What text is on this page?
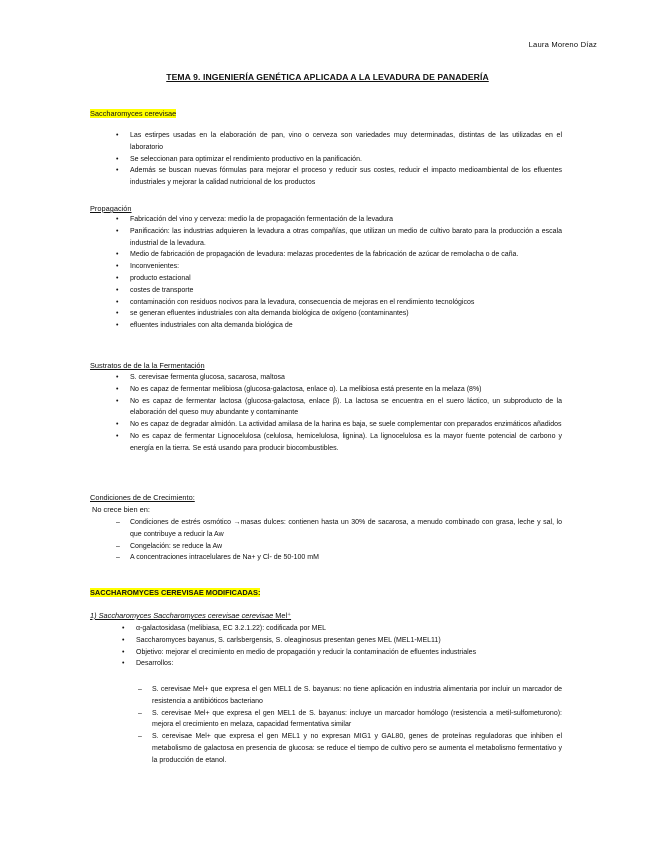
Laura Moreno Díaz
TEMA 9. INGENIERÍA GENÉTICA APLICADA A LA LEVADURA DE PANADERÍA
Saccharomyces cerevisae
• Las estirpes usadas en la elaboración de pan, vino o cerveza son variedades muy determinadas, distintas de las utilizadas en el laboratorio
• Se seleccionan para optimizar el rendimiento productivo en la panificación.
• Además se buscan nuevas fórmulas para mejorar el proceso y reducir sus costes, reducir el impacto medioambiental de los efluentes industriales y mejorar la calidad nutricional de los productos
Propagación
• Fabricación del vino y cerveza: medio la de propagación fermentación de la levadura
• Panificación: las industrias adquieren la levadura a otras compañías, que utilizan un medio de cultivo barato para la producción a escala industrial de la levadura.
• Medio de fabricación de propagación de levadura: melazas procedentes de la fabricación de azúcar de remolacha o de caña.
• Inconvenientes:
• producto estacional
• costes de transporte
• contaminación con residuos nocivos para la levadura, consecuencia de mejoras en el rendimiento tecnológicos
• se generan efluentes industriales con alta demanda biológica de oxígeno (contaminantes)
• efluentes industriales con alta demanda biológica de
Sustratos de de la la Fermentación
• S. cerevisae fermenta glucosa, sacarosa, maltosa
• No es capaz de fermentar melibiosa (glucosa-galactosa, enlace α). La melibiosa está presente en la melaza (8%)
• No es capaz de fermentar lactosa (glucosa-galactosa, enlace β). La lactosa se encuentra en el suero láctico, un subproducto de la elaboración del queso muy abundante y contaminante
• No es capaz de degradar almidón. La actividad amilasa de la harina es baja, se suele complementar con preparados enzimáticos añadidos
• No es capaz de fermentar Lignocelulosa (celulosa, hemicelulosa, lignina). La lignocelulosa es la mayor fuente potencial de carbono y energía en la tierra. Se está usando para producir biocombustibles.
Condiciones de de Crecimiento:
No crece bien en:
– Condiciones de estrés osmótico →masas dulces: contienen hasta un 30% de sacarosa, a menudo combinado con grasa, leche y sal, lo que contribuye a reducir la Aw
– Congelación: se reduce la Aw
– A concentraciones intracelulares de Na+ y Cl- de 50-100 mM
SACCHAROMYCES CEREVISAE MODIFICADAS:
1) Saccharomyces Saccharomyces cerevisae cerevisae Mel⁺
• α-galactosidasa (melibiasa, EC 3.2.1.22): codificada por MEL
• Saccharomyces bayanus, S. carlsbergensis, S. oleaginosus presentan genes MEL (MEL1-MEL11)
• Objetivo: mejorar el crecimiento en medio de propagación y reducir la contaminación de efluentes industriales
• Desarrollos:
– S. cerevisae Mel+ que expresa el gen MEL1 de S. bayanus: no tiene aplicación en industria alimentaria por incluir un marcador de resistencia a antibióticos bacteriano
– S. cerevisae Mel+ que expresa el gen MEL1 de S. bayanus: incluye un marcador homólogo (resistencia a metil-sulfometurono): mejora el crecimiento en melaza, capacidad fermentativa similar
– S. cerevisae Mel+ que expresa el gen MEL1 y no expresan MIG1 y GAL80, genes de proteínas reguladoras que inhiben el metabolismo de galactosa en presencia de glucosa: se reduce el tiempo de cultivo pero se aumenta el metabolismo fermentativo y la producción de etanol.
